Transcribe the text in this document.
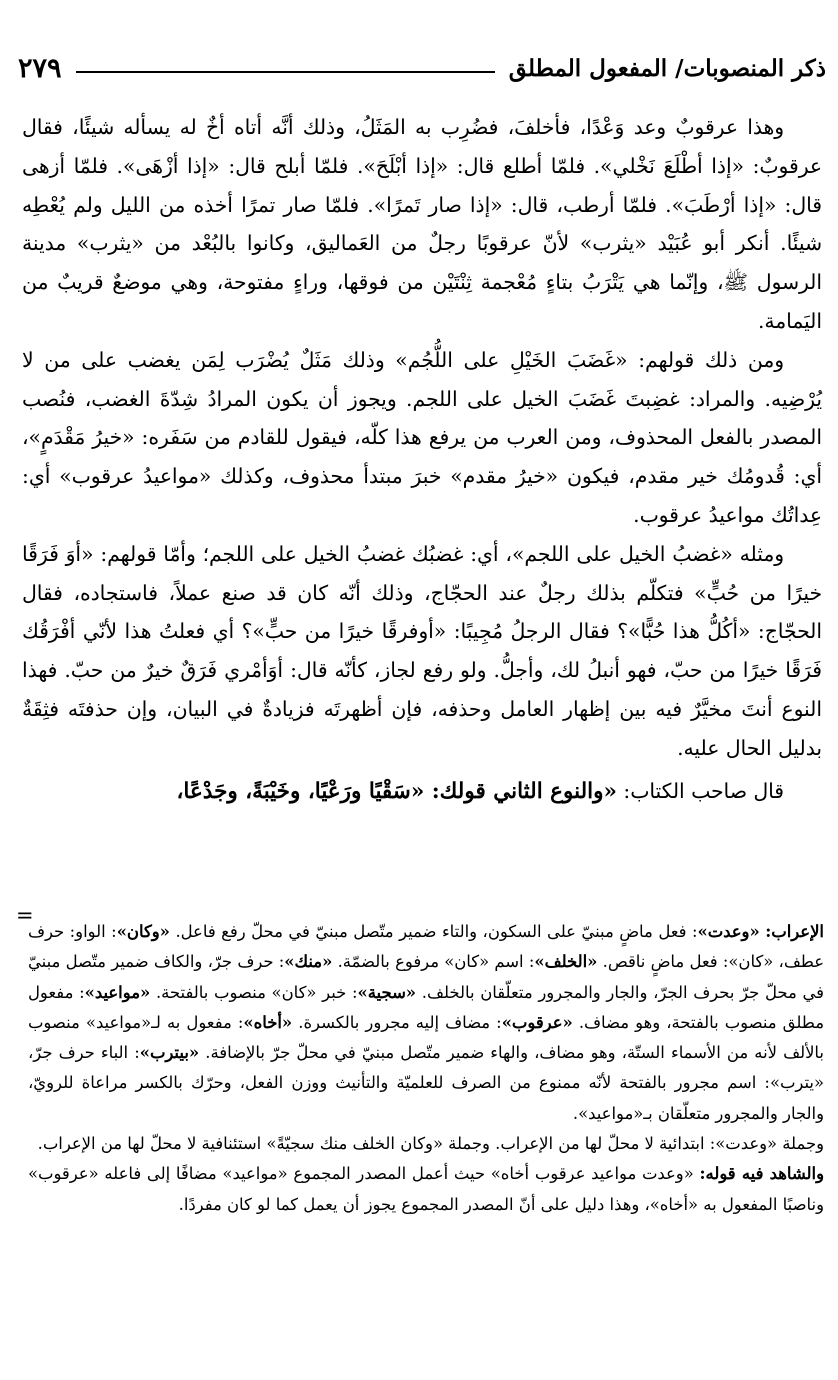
ذكر المنصوبات/ المفعول المطلق
٢٧٩

وهذا عرقوبٌ وعد وَعْدًا، فأخلفَ، فضُرِب به المَثَلُ، وذلك أنَّه أتاه أخٌ له يسأله شيئًا، فقال عرقوبٌ: «إذا أطْلَعَ نَخْلي». فلمّا أطلع قال: «إذا أبْلَحَ». فلمّا أبلح قال: «إذا أزْهَى». فلمّا أزهى قال: «إذا أرْطَبَ». فلمّا أرطب، قال: «إذا صار تَمرًا». فلمّا صار تمرًا أخذه من الليل ولم يُعْطِه شيئًا. أنكر أبو عُبَيْد «يثرب» لأنّ عرقوبًا رجلٌ من العَماليق، وكانوا بالبُعْد من «يثرب» مدينة الرسول ﷺ، وإنّما هي يَتْرَبُ بتاءٍ مُعْجمة ثِنْتَيْن من فوقها، وراءٍ مفتوحة، وهي موضعٌ قريبٌ من اليَمامة.

ومن ذلك قولهم: «غَضَبَ الخَيْلِ على اللُّجُم» وذلك مَثَلٌ يُضْرَب لِمَن يغضب على من لا يُرْضِيه. والمراد: غضِبتَ غَضَبَ الخيل على اللجم. ويجوز أن يكون المرادُ شِدّةَ الغضب، فنُصب المصدر بالفعل المحذوف، ومن العرب من يرفع هذا كلّه، فيقول للقادم من سَفَره: «خيرُ مَقْدَمٍ»، أي: قُدومُك خير مقدم، فيكون «خيرُ مقدم» خبرَ مبتدأ محذوف، وكذلك «مواعيدُ عرقوب» أي: عِداتُك مواعيدُ عرقوب.

ومثله «غضبُ الخيل على اللجم»، أي: غضبُك غضبُ الخيل على اللجم؛ وأمّا قولهم: «أوَ فَرَقًا خيرًا من حُبٍّ» فتكلّم بذلك رجلٌ عند الحجّاج، وذلك أنّه كان قد صنع عملاً، فاستجاده، فقال الحجّاج: «أكُلُّ هذا حُبًّا»؟ فقال الرجلُ مُجِيبًا: «أوفرقًا خيرًا من حبٍّ»؟ أي فعلتُ هذا لأنّي أفْرَقُك فَرَقًا خيرًا من حبّ، فهو أنبلُ لك، وأجلُّ. ولو رفع لجاز، كأنّه قال: أوَأمْري فَرَقٌ خيرٌ من حبّ. فهذا النوع أنتَ مخيَّرٌ فيه بين إظهار العامل وحذفه، فإن أظهرتَه فزيادةٌ في البيان، وإن حذفتَه فثِقَةٌ بدليل الحال عليه.

قال صاحب الكتاب: «والنوع الثاني قولك: «سَقْيًا ورَعْيًا، وخَيْبَةً، وجَدْعًا،

=

الإعراب: «وعدت»: فعل ماضٍ مبنيّ على السكون، والتاء ضمير متّصل مبنيّ في محلّ رفع فاعل. «وكان»: الواو: حرف عطف، «كان»: فعل ماضٍ ناقص. «الخلف»: اسم «كان» مرفوع بالضمّة. «منك»: حرف جرّ، والكاف ضمير متّصل مبنيّ في محلّ جرّ بحرف الجرّ، والجار والمجرور متعلّقان بالخلف. «سجية»: خبر «كان» منصوب بالفتحة. «مواعيد»: مفعول مطلق منصوب بالفتحة، وهو مضاف. «عرقوب»: مضاف إليه مجرور بالكسرة. «أخاه»: مفعول به لـ«مواعيد» منصوب بالألف لأنه من الأسماء الستّة، وهو مضاف، والهاء ضمير متّصل مبنيّ في محلّ جرّ بالإضافة. «بيترب»: الباء حرف جرّ، «يترب»: اسم مجرور بالفتحة لأنّه ممنوع من الصرف للعلميّة والتأنيث ووزن الفعل، وحرّك بالكسر مراعاة للرويّ، والجار والمجرور متعلّقان بـ«مواعيد».

وجملة «وعدت»: ابتدائية لا محلّ لها من الإعراب. وجملة «وكان الخلف منك سجيّةً» استئنافية لا محلّ لها من الإعراب.

والشاهد فيه قوله: «وعدت مواعيد عرقوب أخاه» حيث أعمل المصدر المجموع «مواعيد» مضافًا إلى فاعله «عرقوب» وناصبًا المفعول به «أخاه»، وهذا دليل على أنّ المصدر المجموع يجوز أن يعمل كما لو كان مفردًا.
